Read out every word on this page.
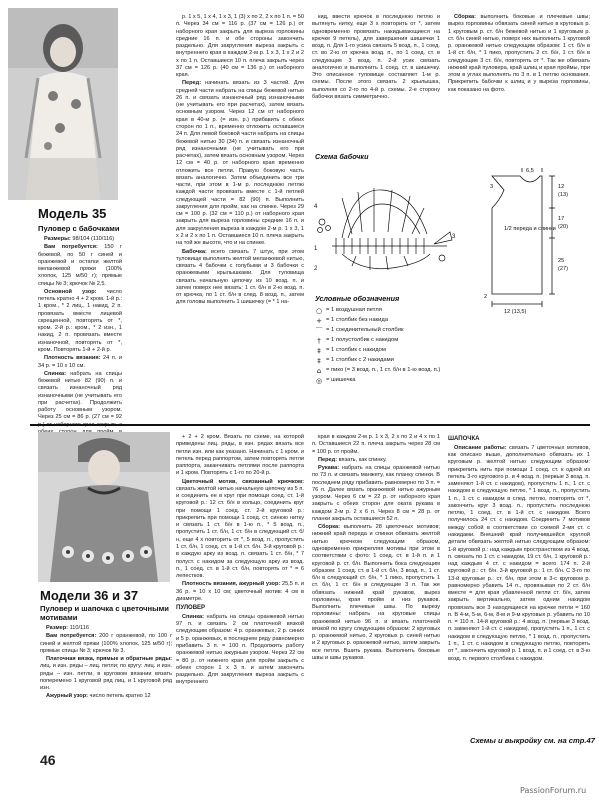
Модель 35
Пуловер с бабочками

Размеры: 98/104 (110/116)

Вам потребуется: 150 г бежевой, по 50 г синей и оранжевой и остатки желтой меланжевой пряжи (100% хлопок, 125 м/50 г); прямые спицы № 3; крючок № 2,5.

Основной узор: число петель кратно 4 + 2 кром. 1-й р.: 1 кром., * 2 лиц., 1 накид, 2 п. провязать вместе лицевой скрещенной, повторять от *, кром. 2-й р.: кром., * 2 изн., 1 накид, 2 п. провязать вместе изнаночной, повторять от *, кром. Повторять 1-й + 2-й р.

Плотность вязания: 24 п. и 34 р. = 10 х 10 см.

Спинка: набрать на спицы бежевой нитью 82 (90) п. и связать изнаночный ряд изнаночными (не учитывать его при расчетах). Продолжить работу основным узором. Через 25 см = 86 р. (27 см = 92

р. 1 х 5, 1 х 4, 1 х 3, 1 (3) х по 2, 2 х по 1 п. = 50 п. Через 34 см = 116 р. (37 см = 126 р.) от наборного края закрыть для выреза горловины средние 16 п. и обе стороны закончить раздельно. Для закругления выреза закрыть с внутреннего края в каждом 2-м р. 1 х 3, 1 х 2 и 2 х по 1 п. Оставшиеся 10 п. плеча закрыть через 37 см = 126 р. (40 см = 136 р.) от наборного края.

Перед: начинать вязать из 3 частей. Для средней части набрать на спицы бежевой нитью 26 п. и связать изнаночный ряд изнаночными (не учитывать его при расчетах), затем вязать основным узором. Через 12 см от наборного края в 40-м р. (= изн. р.) прибавить с обеих сторон по 1 п., временно отложить оставшиеся 24 п. Для левой боковой части набрать на спицы бежевой нитью 30 (34) п. и связать изнаночный ряд изнаночными (не учитывать его при расчетах), затем вязать основным узором. Через 12 см = 40 р. от наборного края временно отложить все петли. Правую боковую часть вязать аналогично. Затем объединить все три части, при этом в 1-м р. последнюю петлю каждой части провязать вместе с 1-й петлей следующей части = 82 (90) п. Выполнить закругления для пройм, как на спинке. Через 29 см = 100 р. (32 см = 110 р.) от наборного края закрыть для выреза горловины средние 16 п. и для закругления выреза в каждом 2-м р. 1 х 3, 1 х 2 и 2 х по 1 п. Оставшиеся 10 п. плеча закрыть на той же высоте, что и на спинке.

Бабочка: всего связать 7 штук, при этом туловище выполнять желтой меланжевой нитью, связать 4 бабочки с голубыми и 3 бабочки с оранжевыми крылышками. Для туловища связать начальную цепочку из 10 возд. п. и затем поверх нее вязать: 1 ст. б/н в 2-ю возд. п. от крючка, по 1 ст. б/н в след. 8 возд. п., затем для головы выполнить 1 шишечку (= * 1 на-

кид, ввести крючок в последнюю петлю и вытянуть нитку, еще 3 х повторить от *, затем одновременно провязать накидывающиеся на крючке 9 петель), для завершения шишечки 1 возд. п. Для 1-го усика связать 5 возд. п., 1 соед. ст. во 2-ю от крючка возд. п., по 1 соед. ст. в следующие 3 возд. п. 2-й усик связать аналогично и выполнить 1 соед. ст. в шишечку. Это описанное туловище составляет 1-м р. схемы. После этого связать 2 крылышка, выполняя со 2-го по 4-й р. схемы. 2-е сторону бабочки вязать симметрично.

Сборка: выполнить боковые и плечевые швы; вырез горловины обвязать синей нитью в круговых р. 1 круговым р. ст. б/н бежевой нитью и 1 круговым р. ст. б/н синей нитью, поверх них выполнить 1 круговой р. оранжевой нитью следующим образом: 1 ст. б/н в 1-й ст. б/н, * 1 пико, пропустить 2 ст. б/н, 1 ст. б/н в следующие 3 ст. б/н, повторять от *. Так же обвязать нижний край пуловера, край шлиц и края проймы, при этом в углах выполнять по 3 п. в 1 петлю основания. Прикрепить бабочки к шлиц и у выреза горловины, как показано на фото.

Схема бабочки
4
1
3
2
Условные обозначения
○ = 1 воздушная петля
+ = 1 столбик без накида
⌒ = 1 соединительный столбик
† = 1 полустолбик с накидом
‡ = 1 столбик с накидом
‡ = 1 столбик с 2 накидами
⌂ = пико (= 3 возд. п., 1 ст. б/н в 1-ю возд. п.)
◎ = шишечка
1/2 переда и спинки
6,5
3	12
(13)
17
(20)
25
(27)
2
12 (13,5)
Модели 36 и 37
Пуловер и шапочка с цветочными мотивами

Размер: 110/116

Вам потребуется: 200 г оранжевой, по 100 г синей и желтой пряжи (100% хлопок, 125 м/50 г); прямые спицы № 3; крючок № 3.

Платочная вязка, прямые и обратные ряды: лиц. и изн. ряды – лиц. петли; по кругу: лиц. и изн. ряды – изн. петли, в круговом вязании вязать поперемено 1 круговой ряд лиц. и 1 круговой ряд изн.

Ажурный узор: число петель кратно 12

+ 2 + 2 кром. Вязать по схеме, на которой приведены лиц. ряды, в изн. рядах вязать все петли изн. или как указано. Начинать с 1 кром. и петель перед раппортом, затем повторять петли раппорта, заканчивать петлями после раппорта и 1 кром. Повторять с 1-го по 20-й р.

Цветочный мотив, связанный крючком: связать желтой нитью начальную цепочку из 5 п. и соединить ее в круг при помощи соед. ст. 1-й круговой р.: 12 ст. б/н в кольцо, соединить круг при помощи 1 соед. ст. 2-й круговой р.: прикрепить при помощи 1 соед. ст. синюю нитку и связать 1 ст. б/н в 1-ю п., * 5 возд. п., пропустить 1 ст. б/н, 1 ст. б/н в следующий ст. б/н, еще 4 х повторить от *, 5 возд. п., пропустить 1 ст. б/н, 1 соед. ст. в 1-й ст. б/н. 3-й круговой р.: в каждую арку из возд. п. связать 1 ст. б/н, * 7 полуст. с накидом за следующую арку из возд. п., 1 соед. ст. в 1-й ст. б/н, повторять от * = 6 лепестков.

Плотность вязания, ажурный узор: 25,5 п. и 36 р. = 10 х 10 см; цветочный мотив: 4 см в диаметре.

ПУЛОВЕР

Спинка: набрать на спицы оранжевой нитью 97 п. и связать 2 см платочной вязкой следующим образом: 4 р. оранжевых, 2 р. синих и 5 р. оранжевых, в последнем ряду равномерно прибавить 3 п. = 100 п. Продолжить работу оранжевой нитью ажурным узором. Через 22 см = 80 р. от нижнего края для пройм закрыть с обеих сторон 1 х 3 п. и затем закончить раздельно. Для закругления выреза закрыть с внутреннего

края в каждом 2-м р. 1 х 3, 2 х по 2 и 4 х по 1 п. Оставшиеся 22 п. плеча закрыть через 28 см = 100 р. от пройм.

Перед: вязать, как спинку.

Рукава: набрать на спицы оранжевой нитью по 73 п. и связать манжету, как планку спинки. В последнем ряду прибавить равномерно по 3 п. = 76 п. Далее вязать оранжевой нитью ажурным узором. Через 6 см = 22 р. от наборного края закрыть с обеих сторон для оката рукава в каждом 2-м р. 2 х 6 п. Через 8 см = 28 р. от планки закрыть оставшиеся 52 п.

Сборка: выполнить 28 цветочных мотивов; нижний край переда и спинки обвязать желтой нитью крючком следующим образом, одновременно прикрепляя мотивы при этом в соответствии с фото: 1 соед. ст. в 1-й п. и 1 круговой р. ст. б/н. Выполнить бока следующим образом: 1 соед. ст. в 1-й ст. б/н, 3 возд. п., 1 ст. б/н в следующий ст. б/н, * 1 пико, пропустить 1 ст. б/н, 1 ст. б/н в следующие 3 п. Так же обвязать нижний край рукавов, вырез горловины, края пройм и низ рукавов. Выполнить плечевые швы. По вырезу горловины: набрать на круговые спицы оранжевой нитью 96 п. и вязать платочной вязкой по кругу следующим образом: 2 круговых р. оранжевой нитью, 2 круговых р. синей нитью и 2 круговых р. оранжевой нитью, затем закрыть все петли. Вшить рукава. Выполнить боковые швы и швы рукавов.

ШАПОЧКА

Описание работы: связать 7 цветочных мотивов, как описано выше, дополнительно обвязать их 1 круговым р. желтой нитью следующим образом: прикрепить нить при помощи 1 соед. ст. к одной из петель 3-го кругового р. и 4 возд. п. (первые 3 возд. п. заменяют 1-й ст. с накидом), пропустить 1 п., 1 ст. с накидом в следующую петлю, * 1 возд. п., пропустить 1 п., 1 ст. с накидом в след. петлю, повторять от *, закончить круг 3 возд. п., пропустить последнюю петлю, 1 соед. ст. в 1-й ст. с накидом. Всего получилось 24 ст. с накидом. Соединить 7 мотивов между собой в соответствии со схемой 2-мя ст. с накидами. Внешний край получившейся круглой детали обвязать желтой нитью следующим образом: 1-й круговой р.: над каждым пространством из 4 возд. п. связать по 1 ст. с накидом, 19 ст. б/н, 1 круговой р.: над каждым 4 ст. с накидом = всего 174 п. 2-й круговой р.: ст. б/н. 3-й круговой р.: 1 ст. б/н. С 3-го по 13-й круговые р.: ст. б/н, при этом в 3-с круговом р. равномерно убавить 14 п., провязывая по 2 ст. б/н вместе = для края убавленной петли ст. б/н, затем закрыть вертикально, затем одним накидом провязать все 3 находящиеся на крючке петли = 160 п. В 4-м, 5-м, 6-м, 8-м и 9-м круговых р. убавить по 10 п. = 110 п. 14-й круговой р.: 4 возд. п. (первые 3 возд. п. заменяют 1-й ст. с накидом), пропустить 1 п., 1 ст. с накидом в следующую петлю, * 1 возд. п., пропустить 1 п., 1 ст. с накидом в следующую петлю, повторять от *, закончить круговой р. 1 возд. п. и 1 соед. ст. в 3-ю возд. п. первого столбика с накидом.

Схемы и выкройку см. на стр.47
46
PassionForum.ru
